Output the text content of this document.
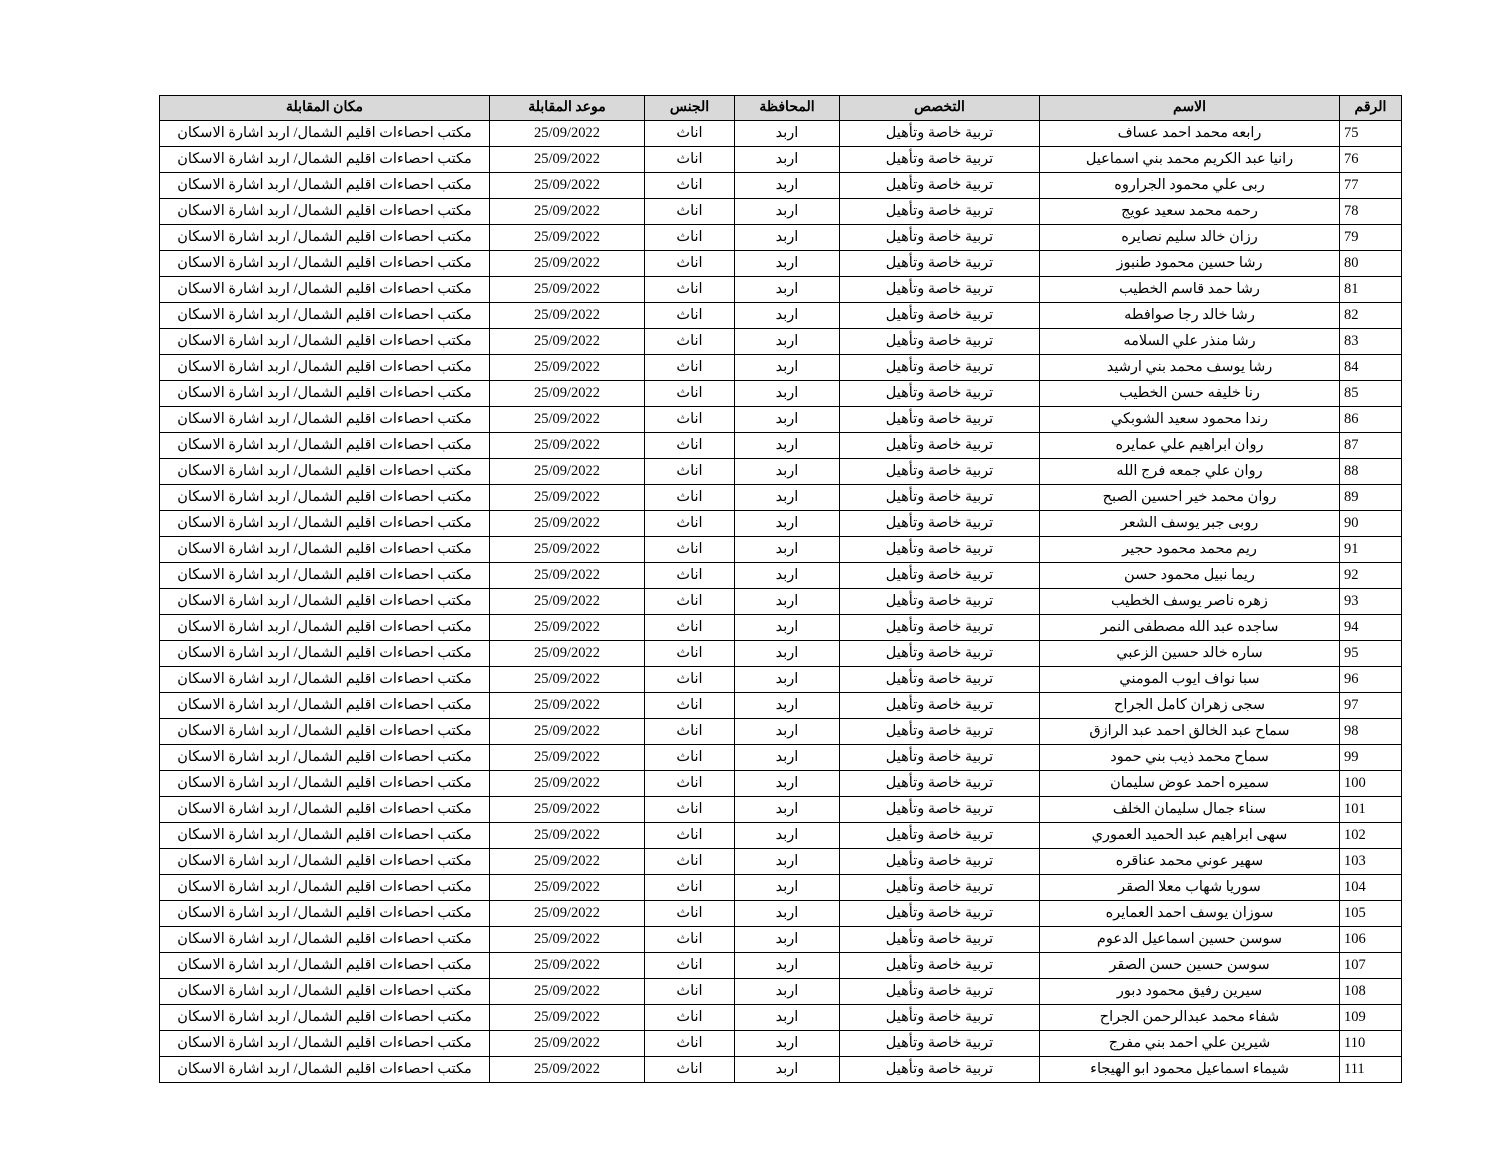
الرقم	الاسم	التخصص	المحافظة	الجنس	موعد المقابلة	مكان المقابلة
75	رابعه محمد احمد عساف	تربية خاصة وتأهيل	اربد	اناث	25/09/2022	مكتب احصاءات اقليم الشمال/ اربد اشارة الاسكان
76	رانيا عبد الكريم محمد بني اسماعيل	تربية خاصة وتأهيل	اربد	اناث	25/09/2022	مكتب احصاءات اقليم الشمال/ اربد اشارة الاسكان
77	ربى علي محمود الجراروه	تربية خاصة وتأهيل	اربد	اناث	25/09/2022	مكتب احصاءات اقليم الشمال/ اربد اشارة الاسكان
78	رحمه محمد سعيد عويج	تربية خاصة وتأهيل	اربد	اناث	25/09/2022	مكتب احصاءات اقليم الشمال/ اربد اشارة الاسكان
79	رزان خالد سليم نصايره	تربية خاصة وتأهيل	اربد	اناث	25/09/2022	مكتب احصاءات اقليم الشمال/ اربد اشارة الاسكان
80	رشا حسين محمود طنبوز	تربية خاصة وتأهيل	اربد	اناث	25/09/2022	مكتب احصاءات اقليم الشمال/ اربد اشارة الاسكان
81	رشا حمد قاسم الخطيب	تربية خاصة وتأهيل	اربد	اناث	25/09/2022	مكتب احصاءات اقليم الشمال/ اربد اشارة الاسكان
82	رشا خالد رجا صوافطه	تربية خاصة وتأهيل	اربد	اناث	25/09/2022	مكتب احصاءات اقليم الشمال/ اربد اشارة الاسكان
83	رشا منذر علي السلامه	تربية خاصة وتأهيل	اربد	اناث	25/09/2022	مكتب احصاءات اقليم الشمال/ اربد اشارة الاسكان
84	رشا يوسف محمد بني ارشيد	تربية خاصة وتأهيل	اربد	اناث	25/09/2022	مكتب احصاءات اقليم الشمال/ اربد اشارة الاسكان
85	رنا خليفه حسن الخطيب	تربية خاصة وتأهيل	اربد	اناث	25/09/2022	مكتب احصاءات اقليم الشمال/ اربد اشارة الاسكان
86	رندا محمود سعيد الشوبكي	تربية خاصة وتأهيل	اربد	اناث	25/09/2022	مكتب احصاءات اقليم الشمال/ اربد اشارة الاسكان
87	روان ابراهيم علي عمايره	تربية خاصة وتأهيل	اربد	اناث	25/09/2022	مكتب احصاءات اقليم الشمال/ اربد اشارة الاسكان
88	روان علي جمعه فرج الله	تربية خاصة وتأهيل	اربد	اناث	25/09/2022	مكتب احصاءات اقليم الشمال/ اربد اشارة الاسكان
89	روان محمد خير احسين الصبح	تربية خاصة وتأهيل	اربد	اناث	25/09/2022	مكتب احصاءات اقليم الشمال/ اربد اشارة الاسكان
90	روبى جبر يوسف الشعر	تربية خاصة وتأهيل	اربد	اناث	25/09/2022	مكتب احصاءات اقليم الشمال/ اربد اشارة الاسكان
91	ريم محمد محمود حجير	تربية خاصة وتأهيل	اربد	اناث	25/09/2022	مكتب احصاءات اقليم الشمال/ اربد اشارة الاسكان
92	ريما نبيل محمود حسن	تربية خاصة وتأهيل	اربد	اناث	25/09/2022	مكتب احصاءات اقليم الشمال/ اربد اشارة الاسكان
93	زهره ناصر يوسف الخطيب	تربية خاصة وتأهيل	اربد	اناث	25/09/2022	مكتب احصاءات اقليم الشمال/ اربد اشارة الاسكان
94	ساجده عبد الله مصطفى النمر	تربية خاصة وتأهيل	اربد	اناث	25/09/2022	مكتب احصاءات اقليم الشمال/ اربد اشارة الاسكان
95	ساره خالد حسين الزعبي	تربية خاصة وتأهيل	اربد	اناث	25/09/2022	مكتب احصاءات اقليم الشمال/ اربد اشارة الاسكان
96	سبا نواف ايوب المومني	تربية خاصة وتأهيل	اربد	اناث	25/09/2022	مكتب احصاءات اقليم الشمال/ اربد اشارة الاسكان
97	سجى زهران كامل الجراح	تربية خاصة وتأهيل	اربد	اناث	25/09/2022	مكتب احصاءات اقليم الشمال/ اربد اشارة الاسكان
98	سماح عبد الخالق احمد عبد الرازق	تربية خاصة وتأهيل	اربد	اناث	25/09/2022	مكتب احصاءات اقليم الشمال/ اربد اشارة الاسكان
99	سماح محمد ذيب بني حمود	تربية خاصة وتأهيل	اربد	اناث	25/09/2022	مكتب احصاءات اقليم الشمال/ اربد اشارة الاسكان
100	سميره احمد عوض سليمان	تربية خاصة وتأهيل	اربد	اناث	25/09/2022	مكتب احصاءات اقليم الشمال/ اربد اشارة الاسكان
101	سناء جمال سليمان الخلف	تربية خاصة وتأهيل	اربد	اناث	25/09/2022	مكتب احصاءات اقليم الشمال/ اربد اشارة الاسكان
102	سهى ابراهيم عبد الحميد العموري	تربية خاصة وتأهيل	اربد	اناث	25/09/2022	مكتب احصاءات اقليم الشمال/ اربد اشارة الاسكان
103	سهير عوني محمد عناقره	تربية خاصة وتأهيل	اربد	اناث	25/09/2022	مكتب احصاءات اقليم الشمال/ اربد اشارة الاسكان
104	سوريا شهاب معلا الصقر	تربية خاصة وتأهيل	اربد	اناث	25/09/2022	مكتب احصاءات اقليم الشمال/ اربد اشارة الاسكان
105	سوزان يوسف احمد العمايره	تربية خاصة وتأهيل	اربد	اناث	25/09/2022	مكتب احصاءات اقليم الشمال/ اربد اشارة الاسكان
106	سوسن حسين اسماعيل الدعوم	تربية خاصة وتأهيل	اربد	اناث	25/09/2022	مكتب احصاءات اقليم الشمال/ اربد اشارة الاسكان
107	سوسن حسين حسن الصقر	تربية خاصة وتأهيل	اربد	اناث	25/09/2022	مكتب احصاءات اقليم الشمال/ اربد اشارة الاسكان
108	سيرين رفيق محمود دبور	تربية خاصة وتأهيل	اربد	اناث	25/09/2022	مكتب احصاءات اقليم الشمال/ اربد اشارة الاسكان
109	شفاء محمد عبدالرحمن الجراح	تربية خاصة وتأهيل	اربد	اناث	25/09/2022	مكتب احصاءات اقليم الشمال/ اربد اشارة الاسكان
110	شيرين علي احمد بني مفرج	تربية خاصة وتأهيل	اربد	اناث	25/09/2022	مكتب احصاءات اقليم الشمال/ اربد اشارة الاسكان
111	شيماء اسماعيل محمود ابو الهيجاء	تربية خاصة وتأهيل	اربد	اناث	25/09/2022	مكتب احصاءات اقليم الشمال/ اربد اشارة الاسكان
